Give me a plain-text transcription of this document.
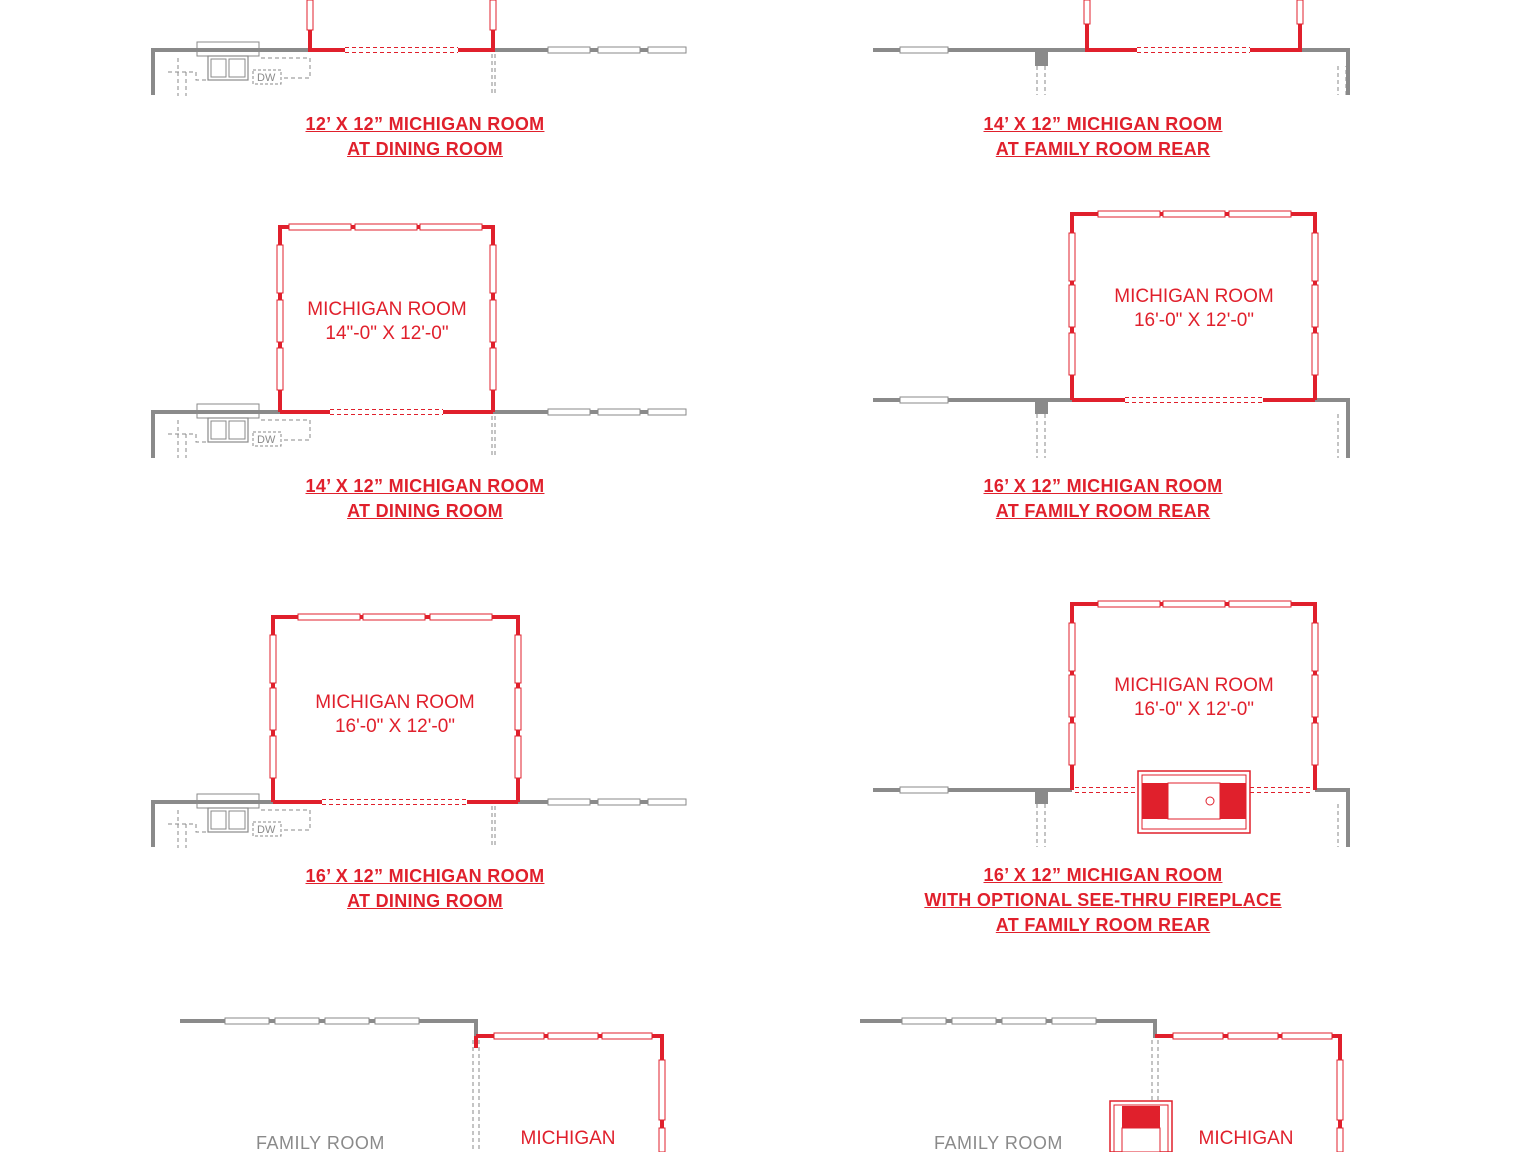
DW
DW
DW
MICHIGAN ROOM
14"-0" X 12'-0"
MICHIGAN ROOM
16'-0" X 12'-0"
MICHIGAN ROOM
16'-0" X 12'-0"
MICHIGAN ROOM
16'-0" X 12'-0"
MICHIGAN	MICHIGAN
FAMILY ROOM	FAMILY ROOM
12’ X 12” MICHIGAN ROOM
AT DINING ROOM
14’ X 12” MICHIGAN ROOM
AT FAMILY ROOM REAR
14’ X 12” MICHIGAN ROOM
AT DINING ROOM
16’ X 12” MICHIGAN ROOM
AT FAMILY ROOM REAR
16’ X 12” MICHIGAN ROOM
AT DINING ROOM
16’ X 12” MICHIGAN ROOM
WITH OPTIONAL SEE-THRU FIREPLACE
AT FAMILY ROOM REAR
